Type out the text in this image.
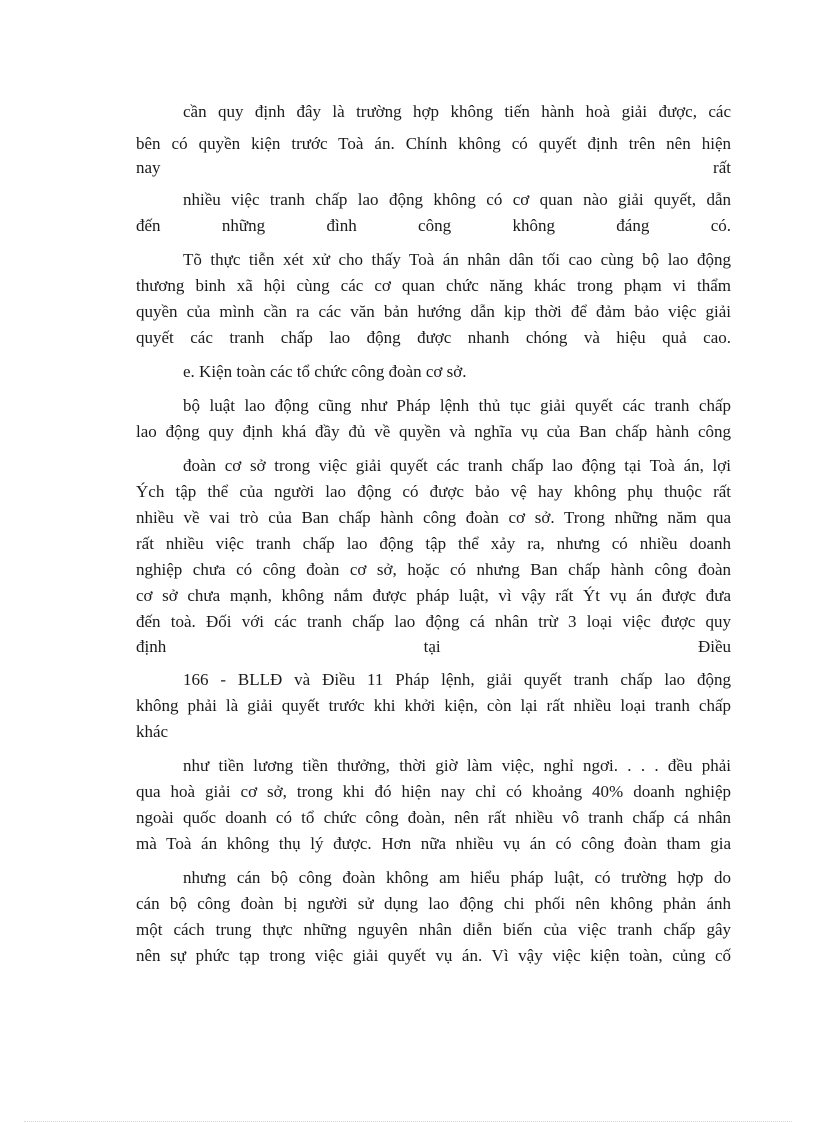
cần quy định đây là trường hợp không tiến hành hoà giải được, các
bên có quyền kiện trước Toà án. Chính không có quyết định trên nên hiện
nay rất
nhiều việc tranh chấp lao động không có cơ quan nào giải quyết, dẫn
đến những đình công không đáng có.
Tõ thực tiễn xét xử cho thấy Toà án nhân dân tối cao cùng bộ lao động
thương binh xã hội cùng các cơ quan chức năng khác trong phạm vi thẩm
quyền của mình cần ra các văn bản hướng dẫn kịp thời để đảm bảo việc giải
quyết các tranh chấp lao động được nhanh chóng và hiệu quả cao.
e. Kiện toàn các tổ chức công đoàn cơ sở.
bộ luật lao động cũng như Pháp lệnh thủ tục giải quyết các tranh chấp
lao động quy định khá đầy đủ về quyền và nghĩa vụ của Ban chấp hành công
đoàn cơ sở trong việc giải quyết các tranh chấp lao động tại Toà án, lợi
Ých tập thể của người lao động có được bảo vệ hay không phụ thuộc rất
nhiều về vai trò của Ban chấp hành công đoàn cơ sở. Trong những năm qua
rất nhiều việc tranh chấp lao động tập thể xảy ra, nhưng có nhiều doanh
nghiệp chưa có công đoàn cơ sở, hoặc có nhưng Ban chấp hành công đoàn
cơ sở chưa mạnh, không nắm được pháp luật, vì vậy rất Ýt vụ án được đưa
đến toà. Đối với các tranh chấp lao động cá nhân trừ 3 loại việc được quy
định tại Điều
166 - BLLĐ và Điều 11 Pháp lệnh, giải quyết tranh chấp lao động
không phải là giải quyết trước khi khởi kiện, còn lại rất nhiều loại tranh chấp
khác
như tiền lương tiền thưởng, thời giờ làm việc, nghỉ ngơi. . . . đều phải
qua hoà giải cơ sở, trong khi đó hiện nay chỉ có khoảng 40% doanh nghiệp
ngoài quốc doanh có tổ chức công đoàn, nên rất nhiều vô tranh chấp cá nhân
mà Toà án không thụ lý được. Hơn nữa nhiều vụ án có công đoàn tham gia
nhưng cán bộ công đoàn không am hiểu pháp luật, có trường hợp do
cán bộ công đoàn bị người sử dụng lao động chi phối nên không phản ánh
một cách trung thực những nguyên nhân diễn biến của việc tranh chấp gây
nên sự phức tạp trong việc giải quyết vụ án. Vì vậy việc kiện toàn, củng cố
